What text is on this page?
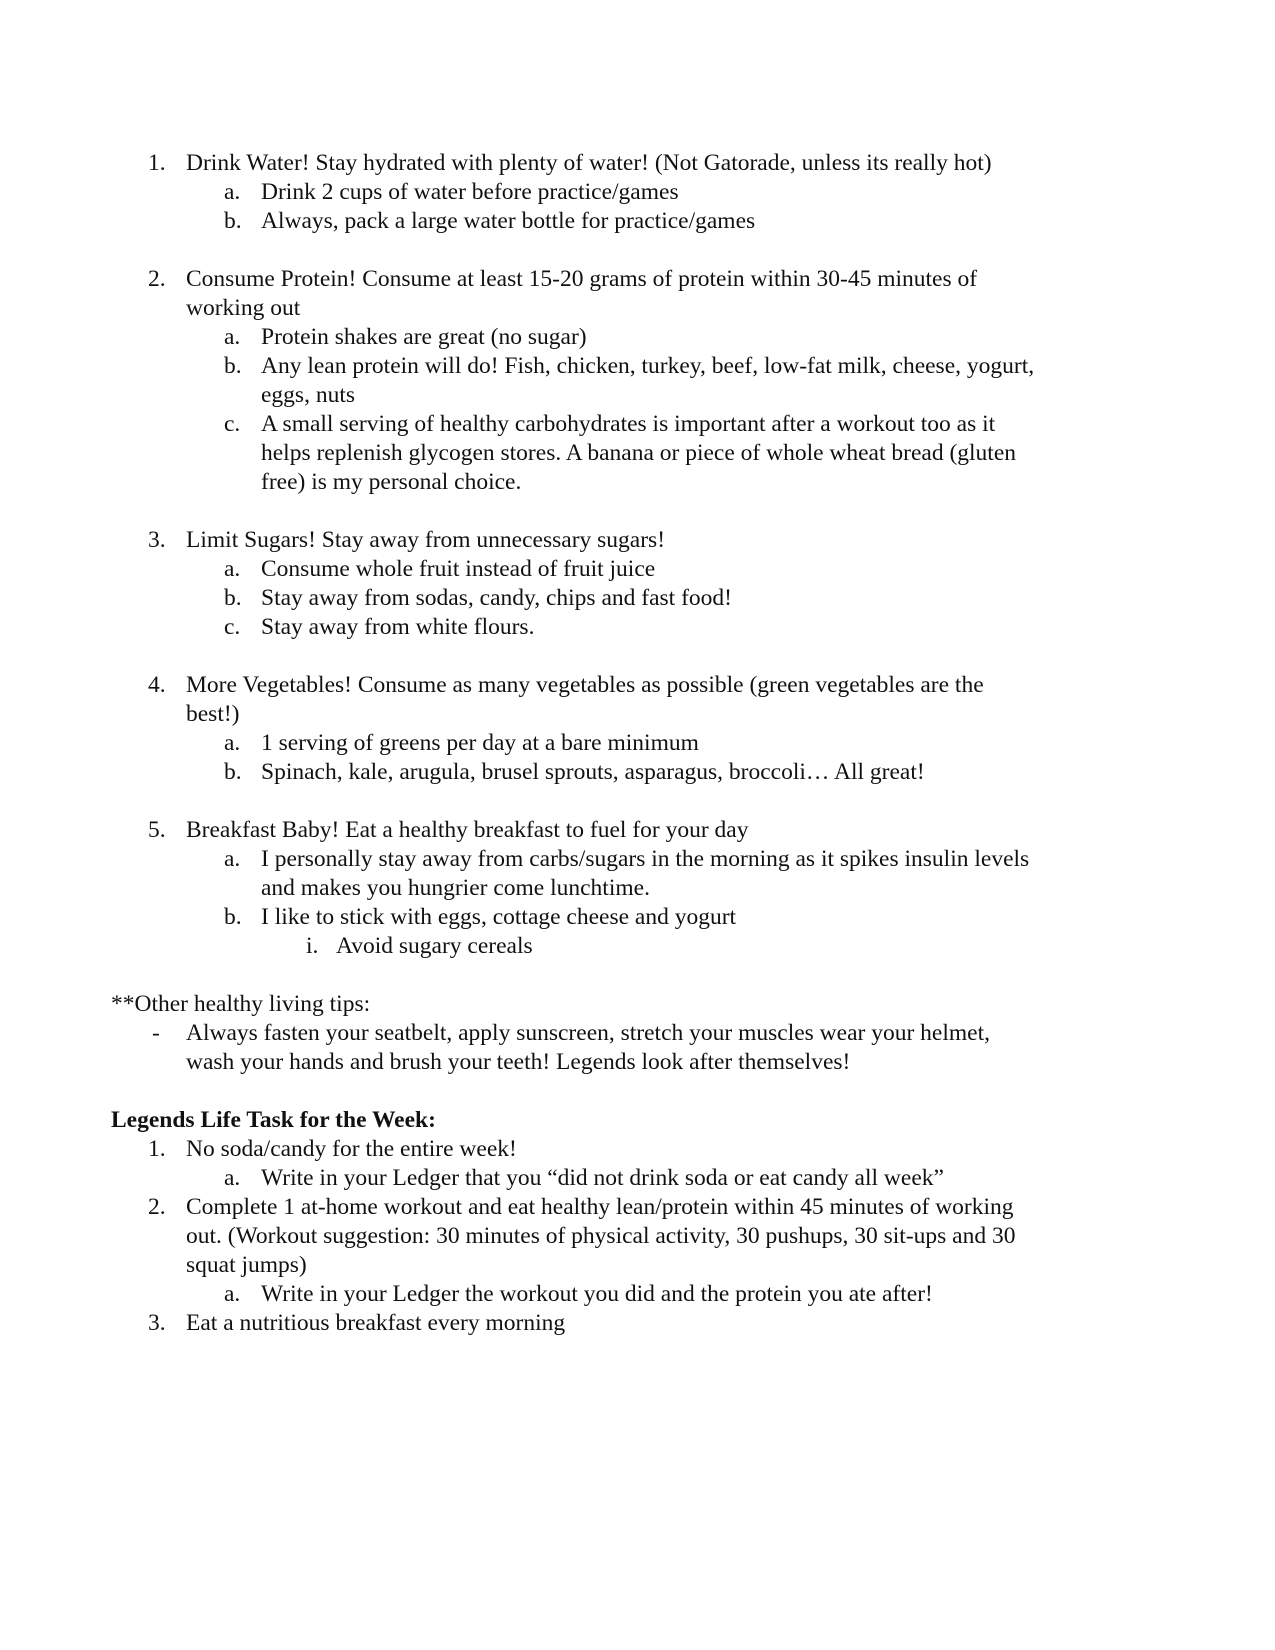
1. Drink Water! Stay hydrated with plenty of water! (Not Gatorade, unless its really hot)
a. Drink 2 cups of water before practice/games
b. Always, pack a large water bottle for practice/games
2. Consume Protein! Consume at least 15-20 grams of protein within 30-45 minutes of
working out
a. Protein shakes are great (no sugar)
b. Any lean protein will do! Fish, chicken, turkey, beef, low-fat milk, cheese, yogurt,
eggs, nuts
c. A small serving of healthy carbohydrates is important after a workout too as it
helps replenish glycogen stores. A banana or piece of whole wheat bread (gluten
free) is my personal choice.
3. Limit Sugars! Stay away from unnecessary sugars!
a. Consume whole fruit instead of fruit juice
b. Stay away from sodas, candy, chips and fast food!
c. Stay away from white flours.
4. More Vegetables! Consume as many vegetables as possible (green vegetables are the
best!)
a. 1 serving of greens per day at a bare minimum
b. Spinach, kale, arugula, brusel sprouts, asparagus, broccoli… All great!
5. Breakfast Baby! Eat a healthy breakfast to fuel for your day
a. I personally stay away from carbs/sugars in the morning as it spikes insulin levels
and makes you hungrier come lunchtime.
b. I like to stick with eggs, cottage cheese and yogurt
i. Avoid sugary cereals
**Other healthy living tips:
- Always fasten your seatbelt, apply sunscreen, stretch your muscles wear your helmet,
wash your hands and brush your teeth! Legends look after themselves!
Legends Life Task for the Week:
1. No soda/candy for the entire week!
a. Write in your Ledger that you “did not drink soda or eat candy all week”
2. Complete 1 at-home workout and eat healthy lean/protein within 45 minutes of working
out. (Workout suggestion: 30 minutes of physical activity, 30 pushups, 30 sit-ups and 30
squat jumps)
a. Write in your Ledger the workout you did and the protein you ate after!
3. Eat a nutritious breakfast every morning
